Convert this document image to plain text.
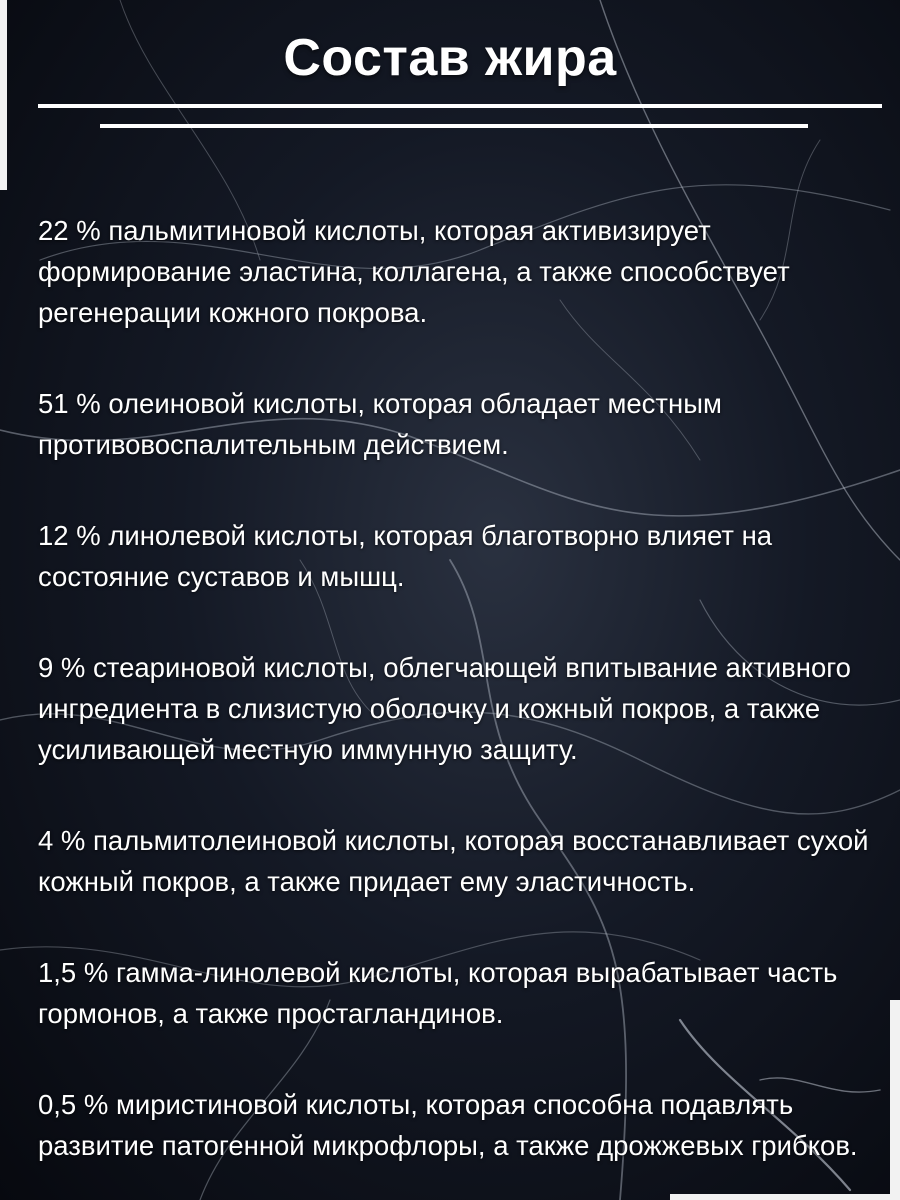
Состав жира

22 % пальмитиновой кислоты, которая активизирует формирование эластина, коллагена, а также способствует регенерации кожного покрова.

51 % олеиновой кислоты, которая обладает местным противовоспалительным действием.

12 % линолевой кислоты, которая благотворно влияет на состояние суставов и мышц.

9 % стеариновой кислоты, облегчающей впитывание активного ингредиента в слизистую оболочку и кожный покров, а также усиливающей местную иммунную защиту.

4 % пальмитолеиновой кислоты, которая восстанавливает сухой кожный покров, а также придает ему эластичность.

1,5 % гамма-линолевой кислоты, которая вырабатывает часть гормонов, а также простагландинов.

0,5 % миристиновой кислоты, которая способна подавлять развитие патогенной микрофлоры, а также дрожжевых грибков.
